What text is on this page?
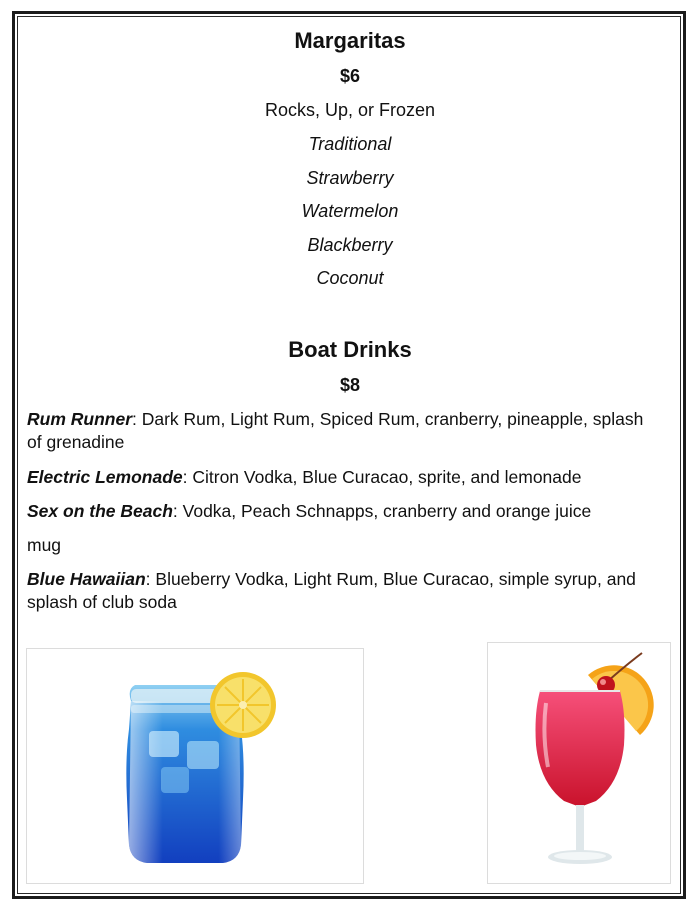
Margaritas
$6
Rocks, Up, or Frozen
Traditional
Strawberry
Watermelon
Blackberry
Coconut
Boat Drinks
$8
Rum Runner: Dark Rum, Light Rum, Spiced Rum, cranberry, pineapple, splash
of grenadine
Electric Lemonade: Citron Vodka, Blue Curacao, sprite, and lemonade
Sex on the Beach: Vodka, Peach Schnapps, cranberry and orange juice
mug
Blue Hawaiian: Blueberry Vodka, Light Rum, Blue Curacao, simple syrup, and
splash of club soda
